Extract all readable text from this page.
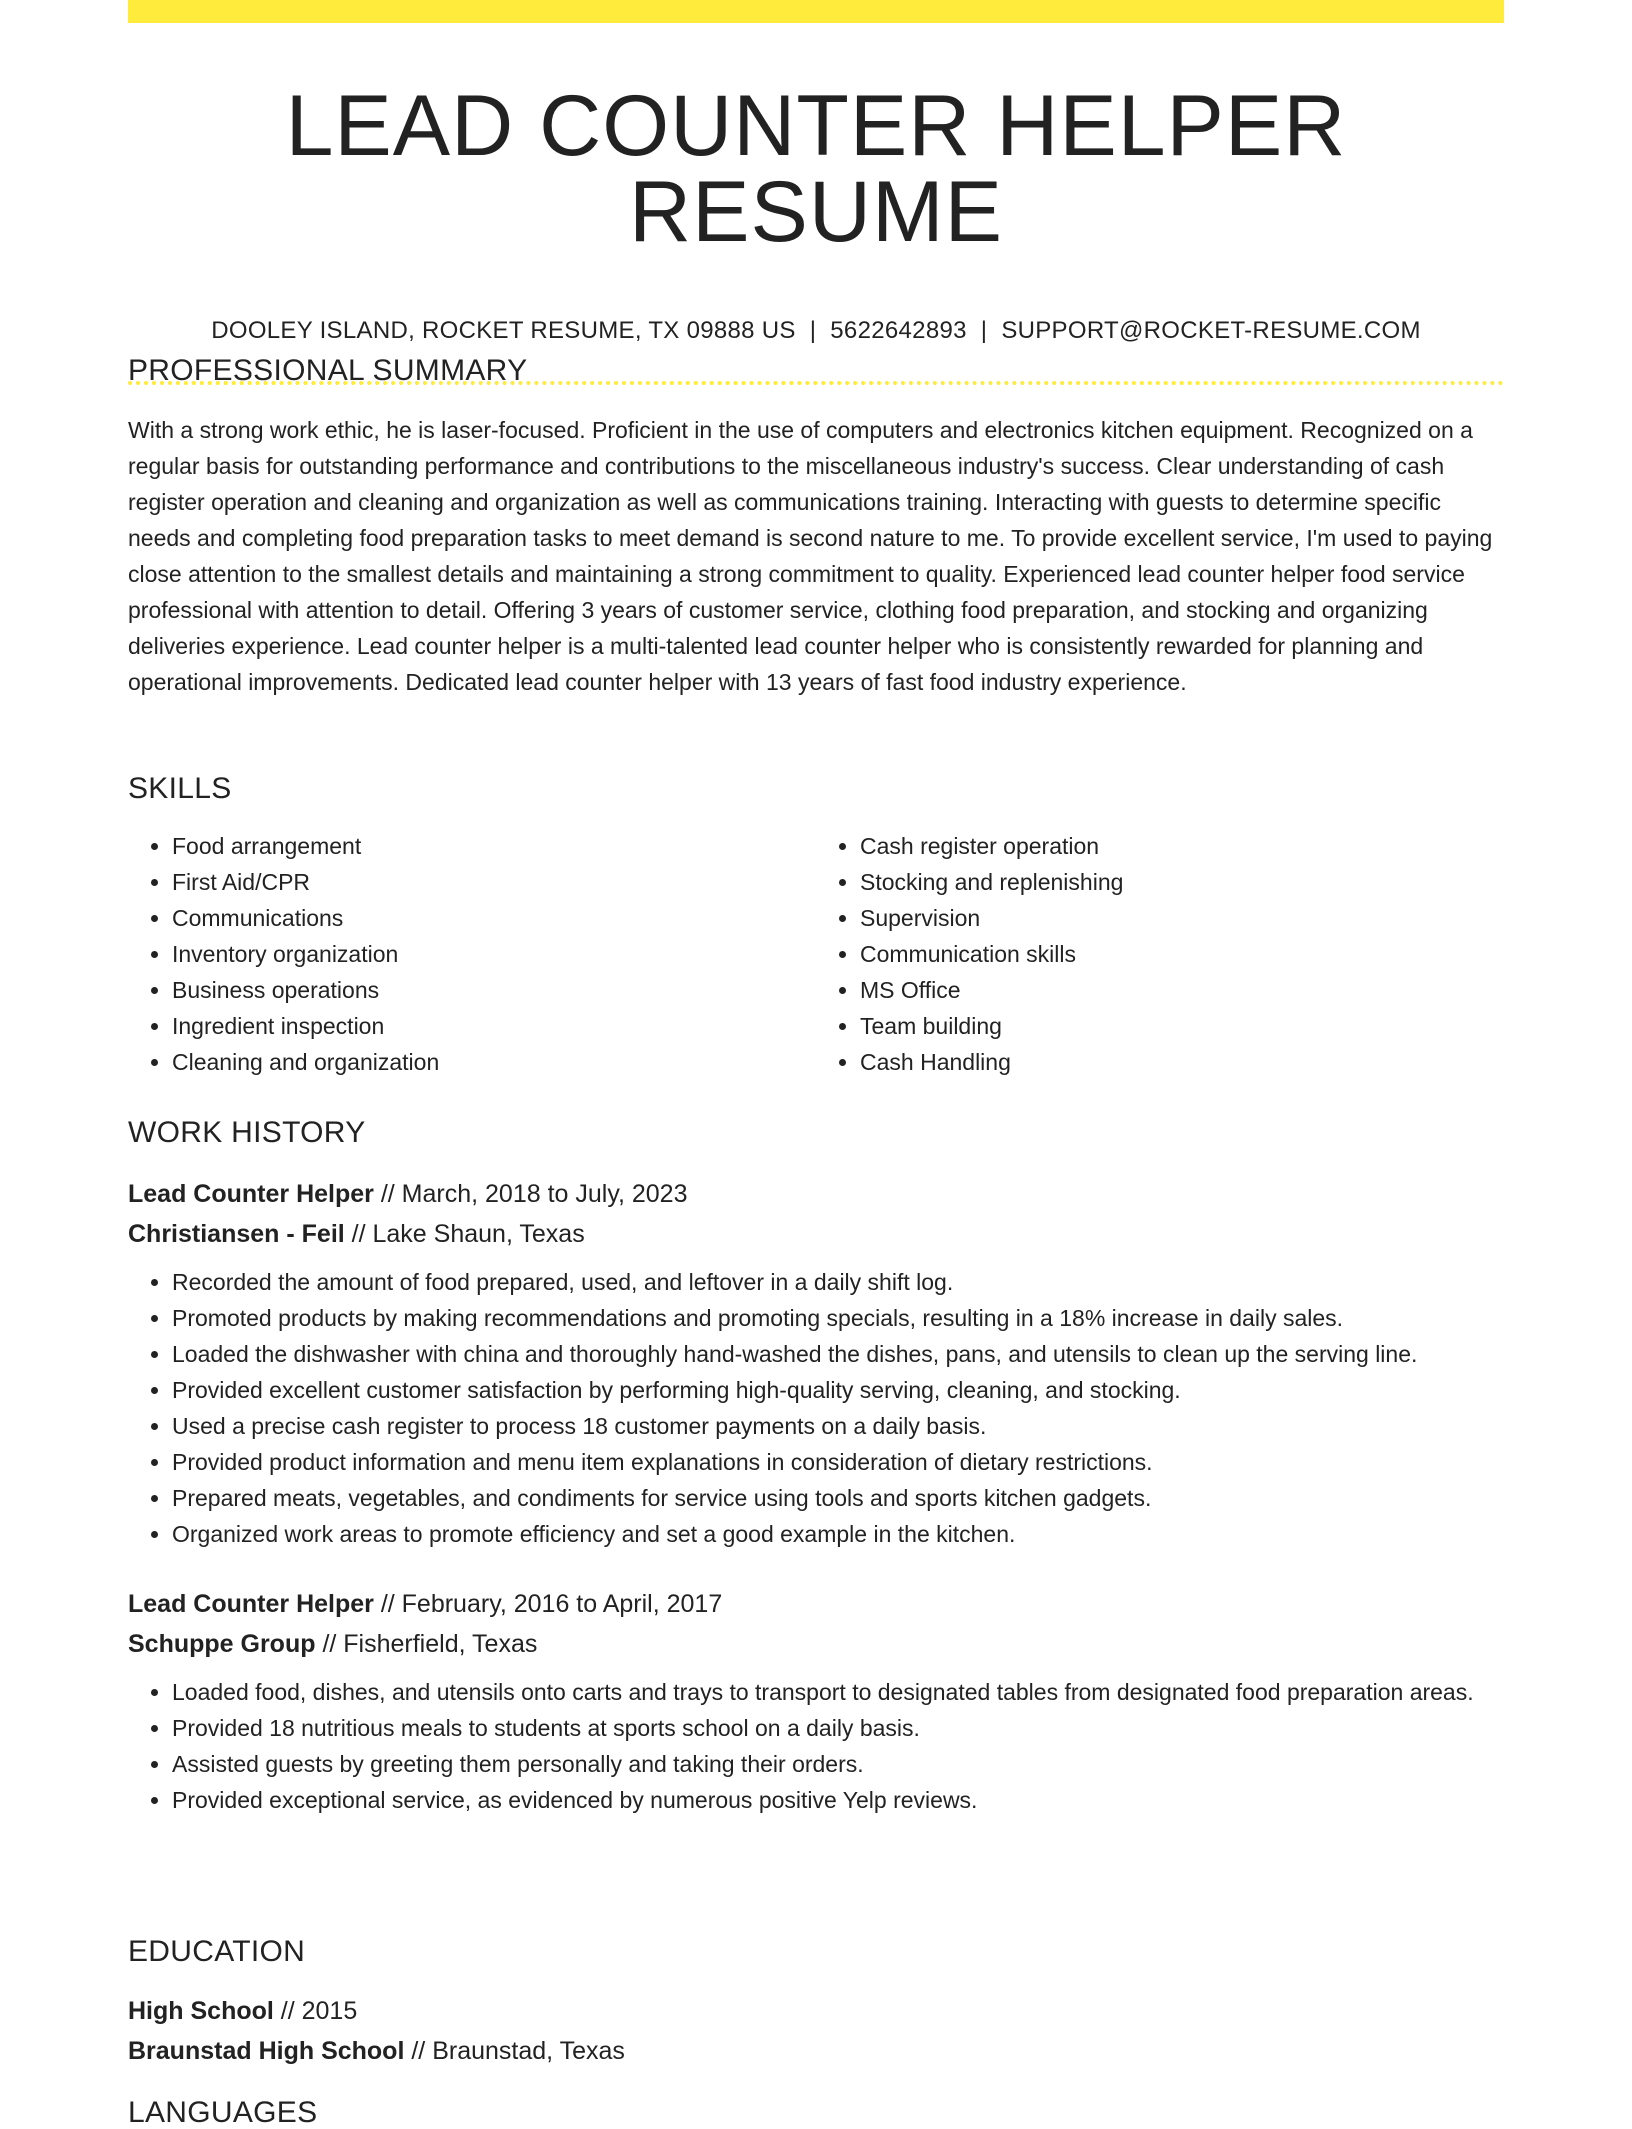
LEAD COUNTER HELPER RESUME
DOOLEY ISLAND, ROCKET RESUME, TX 09888 US | 5622642893 | SUPPORT@ROCKET-RESUME.COM
PROFESSIONAL SUMMARY

With a strong work ethic, he is laser-focused. Proficient in the use of computers and electronics kitchen equipment. Recognized on a regular basis for outstanding performance and contributions to the miscellaneous industry's success. Clear understanding of cash register operation and cleaning and organization as well as communications training. Interacting with guests to determine specific needs and completing food preparation tasks to meet demand is second nature to me. To provide excellent service, I'm used to paying close attention to the smallest details and maintaining a strong commitment to quality. Experienced lead counter helper food service professional with attention to detail. Offering 3 years of customer service, clothing food preparation, and stocking and organizing deliveries experience. Lead counter helper is a multi-talented lead counter helper who is consistently rewarded for planning and operational improvements. Dedicated lead counter helper with 13 years of fast food industry experience.

SKILLS
• Food arrangement
• First Aid/CPR
• Communications
• Inventory organization
• Business operations
• Ingredient inspection
• Cleaning and organization
• Cash register operation
• Stocking and replenishing
• Supervision
• Communication skills
• MS Office
• Team building
• Cash Handling
WORK HISTORY
Lead Counter Helper // March, 2018 to July, 2023
Christiansen - Feil // Lake Shaun, Texas
• Recorded the amount of food prepared, used, and leftover in a daily shift log.
• Promoted products by making recommendations and promoting specials, resulting in a 18% increase in daily sales.
• Loaded the dishwasher with china and thoroughly hand-washed the dishes, pans, and utensils to clean up the serving line.
• Provided excellent customer satisfaction by performing high-quality serving, cleaning, and stocking.
• Used a precise cash register to process 18 customer payments on a daily basis.
• Provided product information and menu item explanations in consideration of dietary restrictions.
• Prepared meats, vegetables, and condiments for service using tools and sports kitchen gadgets.
• Organized work areas to promote efficiency and set a good example in the kitchen.
Lead Counter Helper // February, 2016 to April, 2017
Schuppe Group // Fisherfield, Texas
• Loaded food, dishes, and utensils onto carts and trays to transport to designated tables from designated food preparation areas.
• Provided 18 nutritious meals to students at sports school on a daily basis.
• Assisted guests by greeting them personally and taking their orders.
• Provided exceptional service, as evidenced by numerous positive Yelp reviews.
EDUCATION
High School // 2015
Braunstad High School // Braunstad, Texas
LANGUAGES
